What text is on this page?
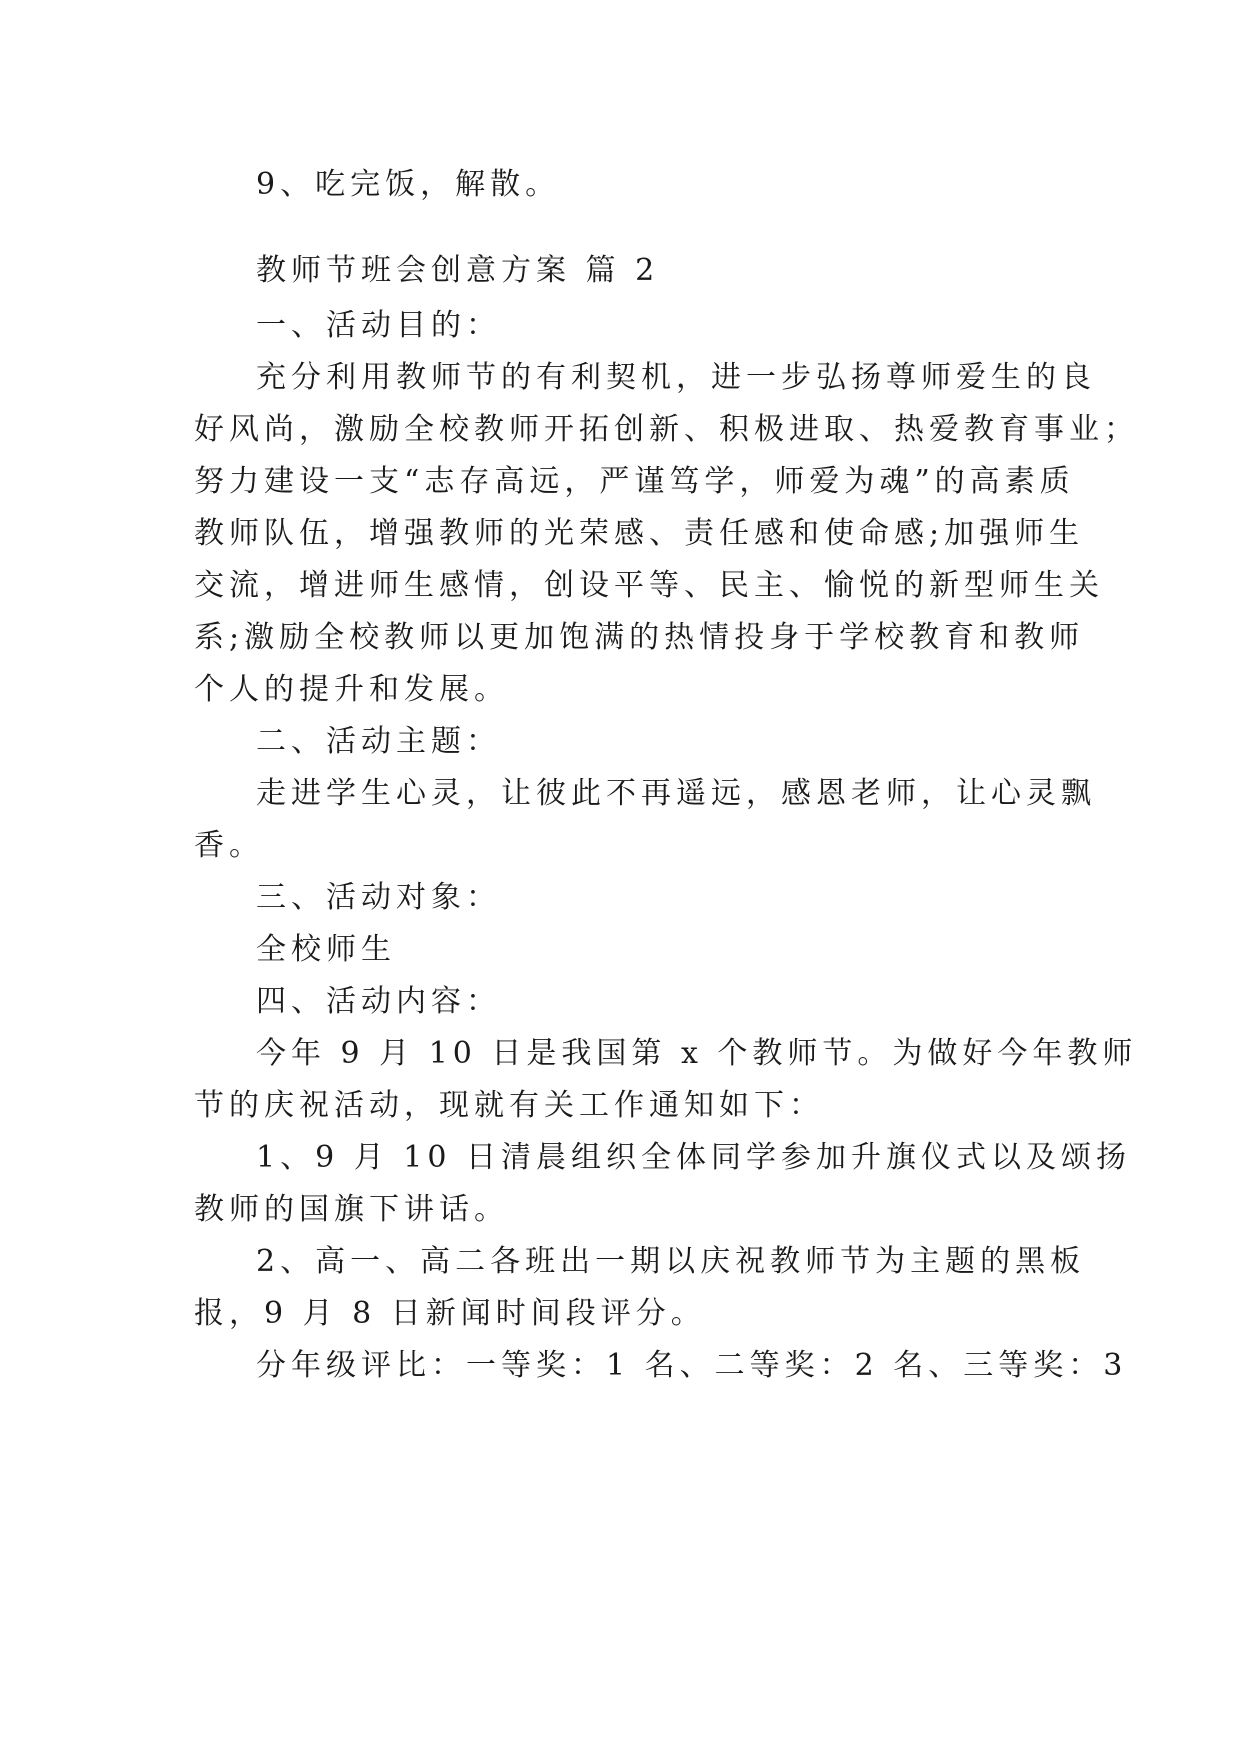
9、吃完饭，解散。
教师节班会创意方案 篇 2
一、活动目的：
充分利用教师节的有利契机，进一步弘扬尊师爱生的良
好风尚，激励全校教师开拓创新、积极进取、热爱教育事业；
努力建设一支“志存高远，严谨笃学，师爱为魂”的高素质
教师队伍，增强教师的光荣感、责任感和使命感;加强师生
交流，增进师生感情，创设平等、民主、愉悦的新型师生关
系;激励全校教师以更加饱满的热情投身于学校教育和教师
个人的提升和发展。
二、活动主题：
走进学生心灵，让彼此不再遥远，感恩老师，让心灵飘
香。
三、活动对象：
全校师生
四、活动内容：
今年 9 月 10 日是我国第 x 个教师节。为做好今年教师
节的庆祝活动，现就有关工作通知如下：
1、9 月 10 日清晨组织全体同学参加升旗仪式以及颂扬
教师的国旗下讲话。
2、高一、高二各班出一期以庆祝教师节为主题的黑板
报，9 月 8 日新闻时间段评分。
分年级评比：一等奖：1 名、二等奖：2 名、三等奖：3
